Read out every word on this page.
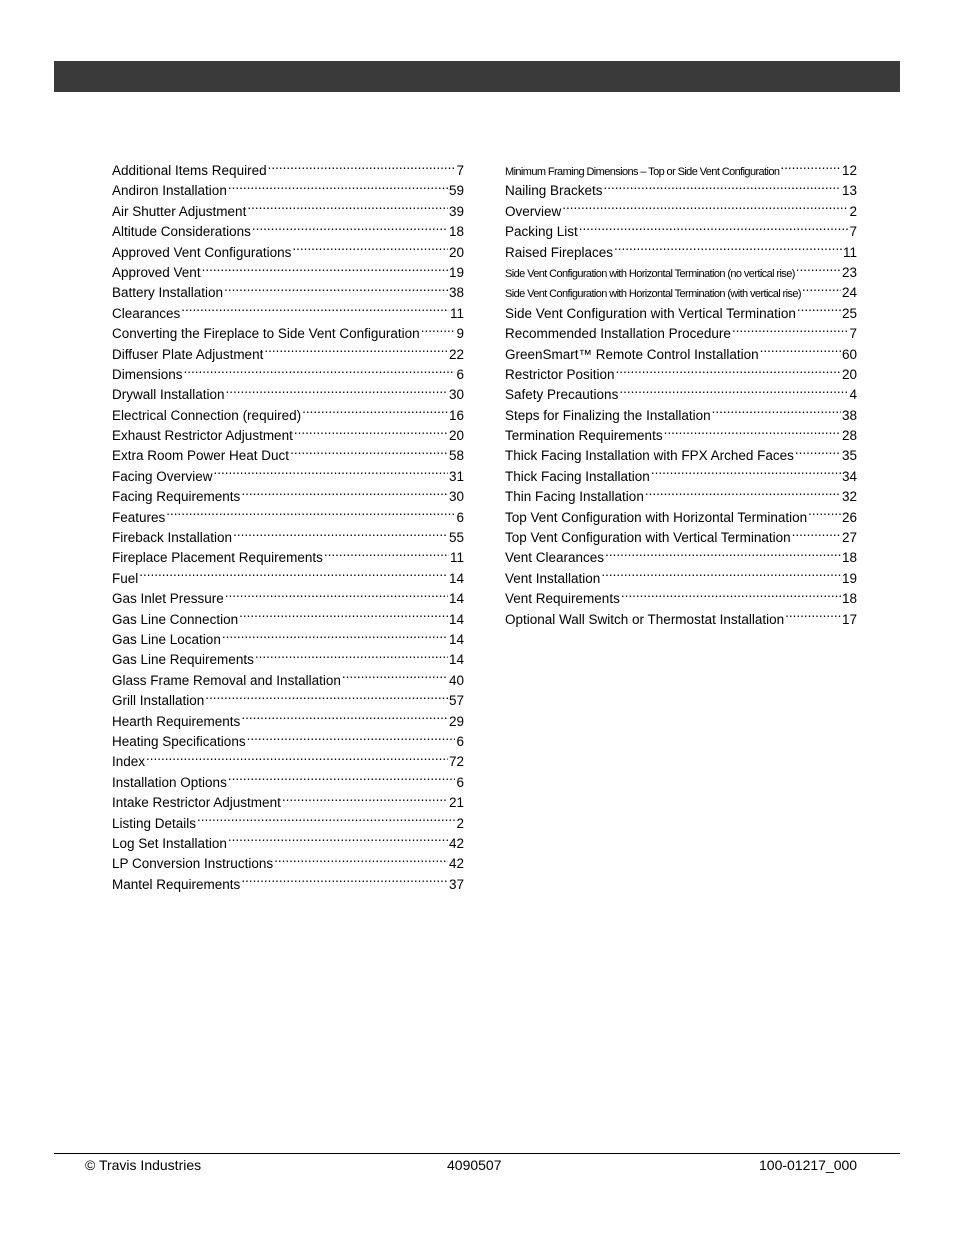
Additional Items Required .....	7
Andiron Installation .....	59
Air Shutter Adjustment .....	39
Altitude Considerations .....	18
Approved Vent Configurations .....	20
Approved Vent .....	19
Battery Installation .....	38
Clearances .....	11
Converting the Fireplace to Side Vent Configuration .....	9
Diffuser Plate Adjustment .....	22
Dimensions .....	6
Drywall Installation .....	30
Electrical Connection (required) .....	16
Exhaust Restrictor Adjustment .....	20
Extra Room Power Heat Duct .....	58
Facing Overview .....	31
Facing Requirements .....	30
Features .....	6
Fireback Installation .....	55
Fireplace Placement Requirements .....	11
Fuel .....	14
Gas Inlet Pressure .....	14
Gas Line Connection .....	14
Gas Line Location .....	14
Gas Line Requirements .....	14
Glass Frame Removal and Installation .....	40
Grill Installation .....	57
Hearth Requirements .....	29
Heating Specifications .....	6
Index .....	72
Installation Options .....	6
Intake Restrictor Adjustment .....	21
Listing Details .....	2
Log Set Installation .....	42
LP Conversion Instructions .....	42
Mantel Requirements .....	37
Minimum Framing Dimensions – Top or Side Vent Configuration .....	12
Nailing Brackets .....	13
Overview .....	2
Packing List .....	7
Raised Fireplaces .....	11
Side Vent Configuration with Horizontal Termination (no vertical rise) .....	23
Side Vent Configuration with Horizontal Termination (with vertical rise) .....	24
Side Vent Configuration with Vertical Termination .....	25
Recommended Installation Procedure .....	7
GreenSmart™ Remote Control Installation .....	60
Restrictor Position .....	20
Safety Precautions .....	4
Steps for Finalizing the Installation .....	38
Termination Requirements .....	28
Thick Facing Installation with FPX Arched Faces .....	35
Thick Facing Installation .....	34
Thin Facing Installation .....	32
Top Vent Configuration with Horizontal Termination .....	26
Top Vent Configuration with Vertical Termination .....	27
Vent Clearances .....	18
Vent Installation .....	19
Vent Requirements .....	18
Optional Wall Switch or Thermostat Installation .....	17
© Travis Industries	4090507	100-01217_000
